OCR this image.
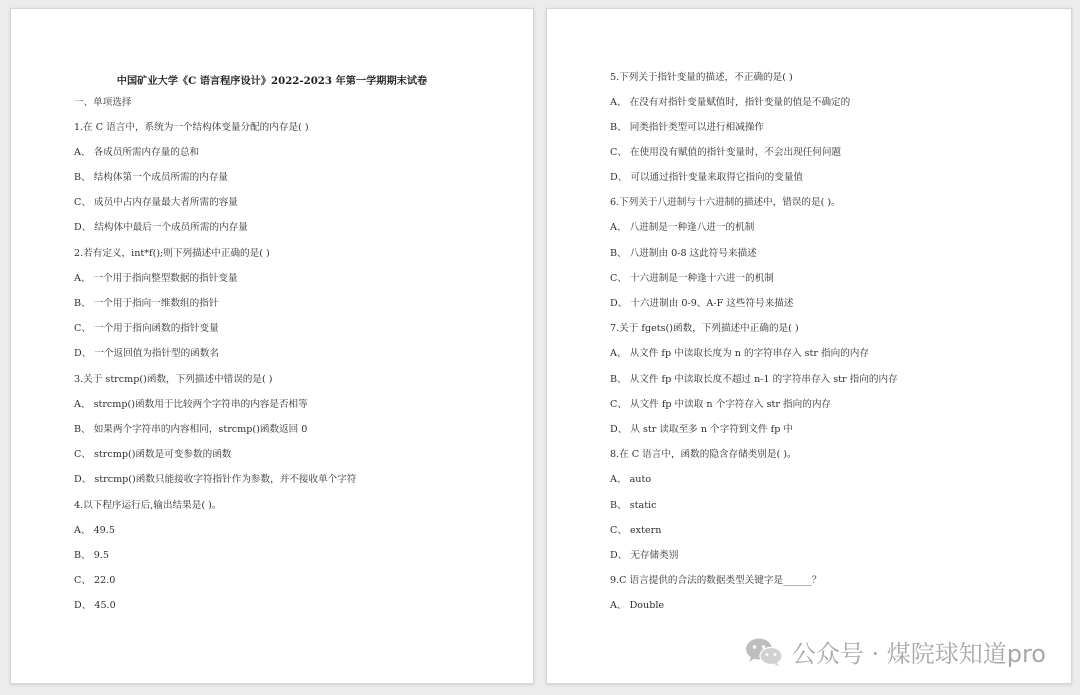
中国矿业大学《C 语言程序设计》2022-2023 年第一学期期末试卷
一、单项选择
1.在 C 语言中，系统为一个结构体变量分配的内存是( )
A、 各成员所需内存量的总和
B、 结构体第一个成员所需的内存量
C、 成员中占内存量最大者所需的容量
D、 结构体中最后一个成员所需的内存量
2.若有定义，int*f();则下列描述中正确的是( )
A、 一个用于指向整型数据的指针变量
B、 一个用于指向一维数组的指针
C、 一个用于指向函数的指针变量
D、 一个返回值为指针型的函数名
3.关于 strcmp()函数，下列描述中错误的是( )
A、 strcmp()函数用于比较两个字符串的内容是否相等
B、 如果两个字符串的内容相同，strcmp()函数返回 0
C、 strcmp()函数是可变参数的函数
D、 strcmp()函数只能接收字符指针作为参数，并不接收单个字符
4.以下程序运行后,输出结果是( )。
A、 49.5
B、 9.5
C、 22.0
D、 45.0
5.下列关于指针变量的描述，不正确的是( )
A、 在没有对指针变量赋值时，指针变量的值是不确定的
B、 同类指针类型可以进行相减操作
C、 在使用没有赋值的指针变量时，不会出现任何问题
D、 可以通过指针变量来取得它指向的变量值
6.下列关于八进制与十六进制的描述中，错误的是( )。
A、 八进制是一种逢八进一的机制
B、 八进制由 0-8 这此符号来描述
C、 十六进制是一种逢十六进一的机制
D、 十六进制由 0-9、A-F 这些符号来描述
7.关于 fgets()函数，下列描述中正确的是( )
A、 从文件 fp 中读取长度为 n 的字符串存入 str 指向的内存
B、 从文件 fp 中读取长度不超过 n-1 的字符串存入 str 指向的内存
C、 从文件 fp 中读取 n 个字符存入 str 指向的内存
D、 从 str 读取至多 n 个字符到文件 fp 中
8.在 C 语言中，函数的隐含存储类别是( )。
A、 auto
B、 static
C、 extern
D、 无存储类别
9.C 语言提供的合法的数据类型关键字是______？
A、 Double
公众号 · 煤院球知道pro
